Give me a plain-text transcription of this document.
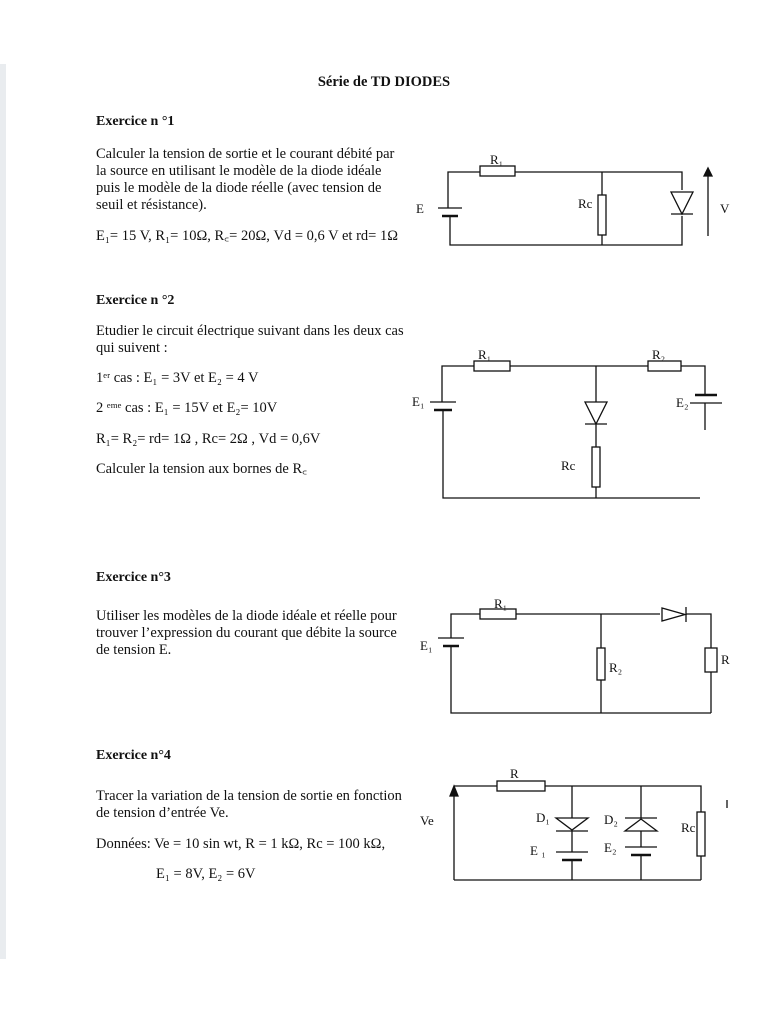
Série de TD DIODES
Exercice n °1
Calculer la tension de sortie et le courant débité par
la source en utilisant le modèle de la diode idéale
puis le modèle de la diode réelle (avec tension de
seuil et résistance).
E₁= 15 V, R₁= 10Ω, R꜀= 20Ω, Vd = 0,6 V et rd= 1Ω
Exercice n °2
Etudier le circuit électrique suivant dans les deux cas
qui suivent :
1ᵉʳ cas : E₁ = 3V et E₂ = 4 V
2 ᵉᵐᵉ cas : E₁ = 15V et E₂= 10V
R₁= R₂= rd= 1Ω , Rc= 2Ω , Vd = 0,6V
Calculer la tension aux bornes de R꜀
Exercice n°3
Utiliser les modèles de la diode idéale et réelle pour
trouver l’expression du courant que débite la source
de tension E.
Exercice n°4
Tracer la variation de la tension de sortie en fonction
de tension d’entrée Ve.
Données: Ve = 10 sin wt, R = 1 kΩ, Rc = 100 kΩ,
E₁ = 8V, E₂ = 6V
R₁
E	Rc	V
R₁	R₂
E₁	E₂
Rc
R₁
E₁
R₂
R
R
Ve	D₁	D₂
E ₁	E₂
Rc
